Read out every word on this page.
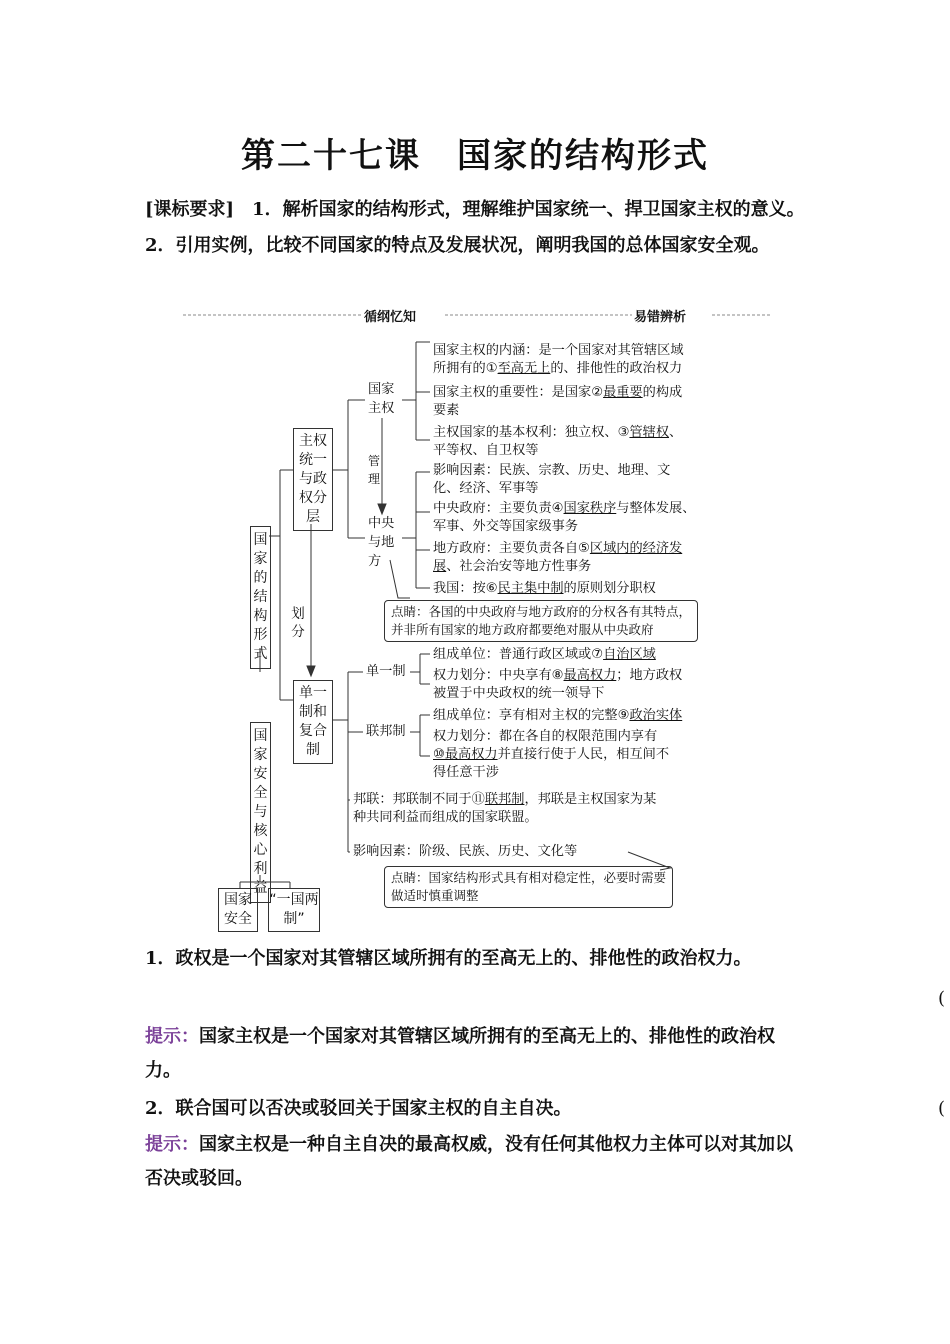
第二十七课　国家的结构形式
[课标要求]　1．解析国家的结构形式，理解维护国家统一、捍卫国家主权的意义。2．引用实例，比较不同国家的特点及发展状况，阐明我国的总体国家安全观。
循纲忆知	易错辨析
国家的结构形式
主权统一与政权分层
划分
单一制和复合制
国家安全与核心利益
国家安全
“一国两制”
国家主权
管理
中央与地方
国家主权的内涵：是一个国家对其管辖区域
所拥有的①至高无上的、排他性的政治权力
国家主权的重要性：是国家②最重要的构成
要素
主权国家的基本权利：独立权、③管辖权、
平等权、自卫权等
影响因素：民族、宗教、历史、地理、文
化、经济、军事等
中央政府：主要负责④国家秩序与整体发展、
军事、外交等国家级事务
地方政府：主要负责各自⑤区域内的经济发
展、社会治安等地方性事务
我国：按⑥民主集中制的原则划分职权
点睛：各国的中央政府与地方政府的分权各有其特点，
并非所有国家的地方政府都要绝对服从中央政府
单一制
组成单位：普通行政区域或⑦自治区域
权力划分：中央享有⑧最高权力；地方政权
被置于中央政权的统一领导下
联邦制
组成单位：享有相对主权的完整⑨政治实体
权力划分：都在各自的权限范围内享有
⑩最高权力并直接行使于人民，相互间不
得任意干涉
邦联：邦联制不同于⑪联邦制，邦联是主权国家为某
种共同利益而组成的国家联盟。
影响因素：阶级、民族、历史、文化等
点睛：国家结构形式具有相对稳定性，必要时需要
做适时慎重调整
1．政权是一个国家对其管辖区域所拥有的至高无上的、排他性的政治权力。
(
提示：国家主权是一个国家对其管辖区域所拥有的至高无上的、排他性的政治权力。
2．联合国可以否决或驳回关于国家主权的自主自决。	(
提示：国家主权是一种自主自决的最高权威，没有任何其他权力主体可以对其加以否决或驳回。
